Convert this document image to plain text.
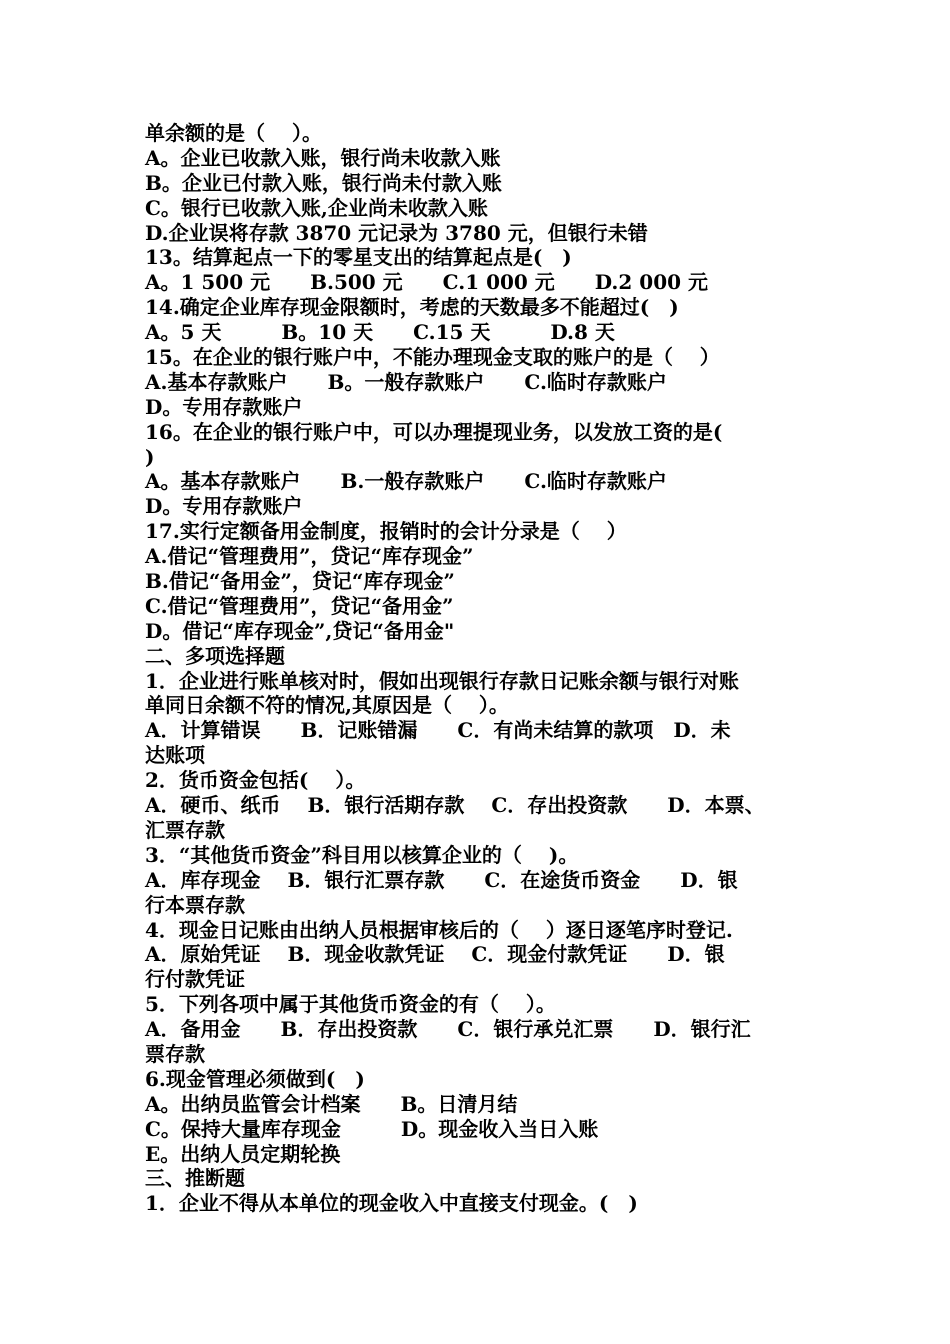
单余额的是（　 ）。
A。企业已收款入账，银行尚未收款入账
B。企业已付款入账，银行尚未付款入账
C。银行已收款入账,企业尚未收款入账
D.企业误将存款 3870 元记录为 3780 元，但银行未错
13。结算起点一下的零星支出的结算起点是(　)
A。1 500 元　　B.500 元　　C.1 000 元　　D.2 000 元
14.确定企业库存现金限额时，考虑的天数最多不能超过(　)
A。5 天　　　B。10 天　　C.15 天　　　D.8 天
15。在企业的银行账户中，不能办理现金支取的账户的是（　 ）
A.基本存款账户　　B。一般存款账户　　C.临时存款账户
D。专用存款账户
16。在企业的银行账户中，可以办理提现业务，以发放工资的是(
)
A。基本存款账户　　B.一般存款账户　　C.临时存款账户
D。专用存款账户
17.实行定额备用金制度，报销时的会计分录是（　 ）
A.借记“管理费用”，贷记“库存现金”
B.借记“备用金”，贷记“库存现金”
C.借记“管理费用”，贷记“备用金”
D。借记“库存现金”,贷记“备用金"
二、多项选择题
1．企业进行账单核对时，假如出现银行存款日记账余额与银行对账
单同日余额不符的情况,其原因是（　 ）。
A．计算错误　　B．记账错漏　　C．有尚未结算的款项　D．未
达账项
2．货币资金包括(　 ）。
A．硬币、纸币　 B．银行活期存款　 C．存出投资款　　D．本票、
汇票存款
3．“其他货币资金”科目用以核算企业的（　 )。
A．库存现金　 B．银行汇票存款　　C．在途货币资金　　D．银
行本票存款
4．现金日记账由出纳人员根据审核后的（　 ）逐日逐笔序时登记.
A．原始凭证　 B．现金收款凭证　 C．现金付款凭证　　D．银
行付款凭证
5．下列各项中属于其他货币资金的有（　 ）。
A．备用金　　B．存出投资款　　C．银行承兑汇票　　D．银行汇
票存款
6.现金管理必须做到(　)
A。出纳员监管会计档案　　B。日清月结
C。保持大量库存现金　　　D。现金收入当日入账
E。出纳人员定期轮换
三、推断题
1．企业不得从本单位的现金收入中直接支付现金。(　)
